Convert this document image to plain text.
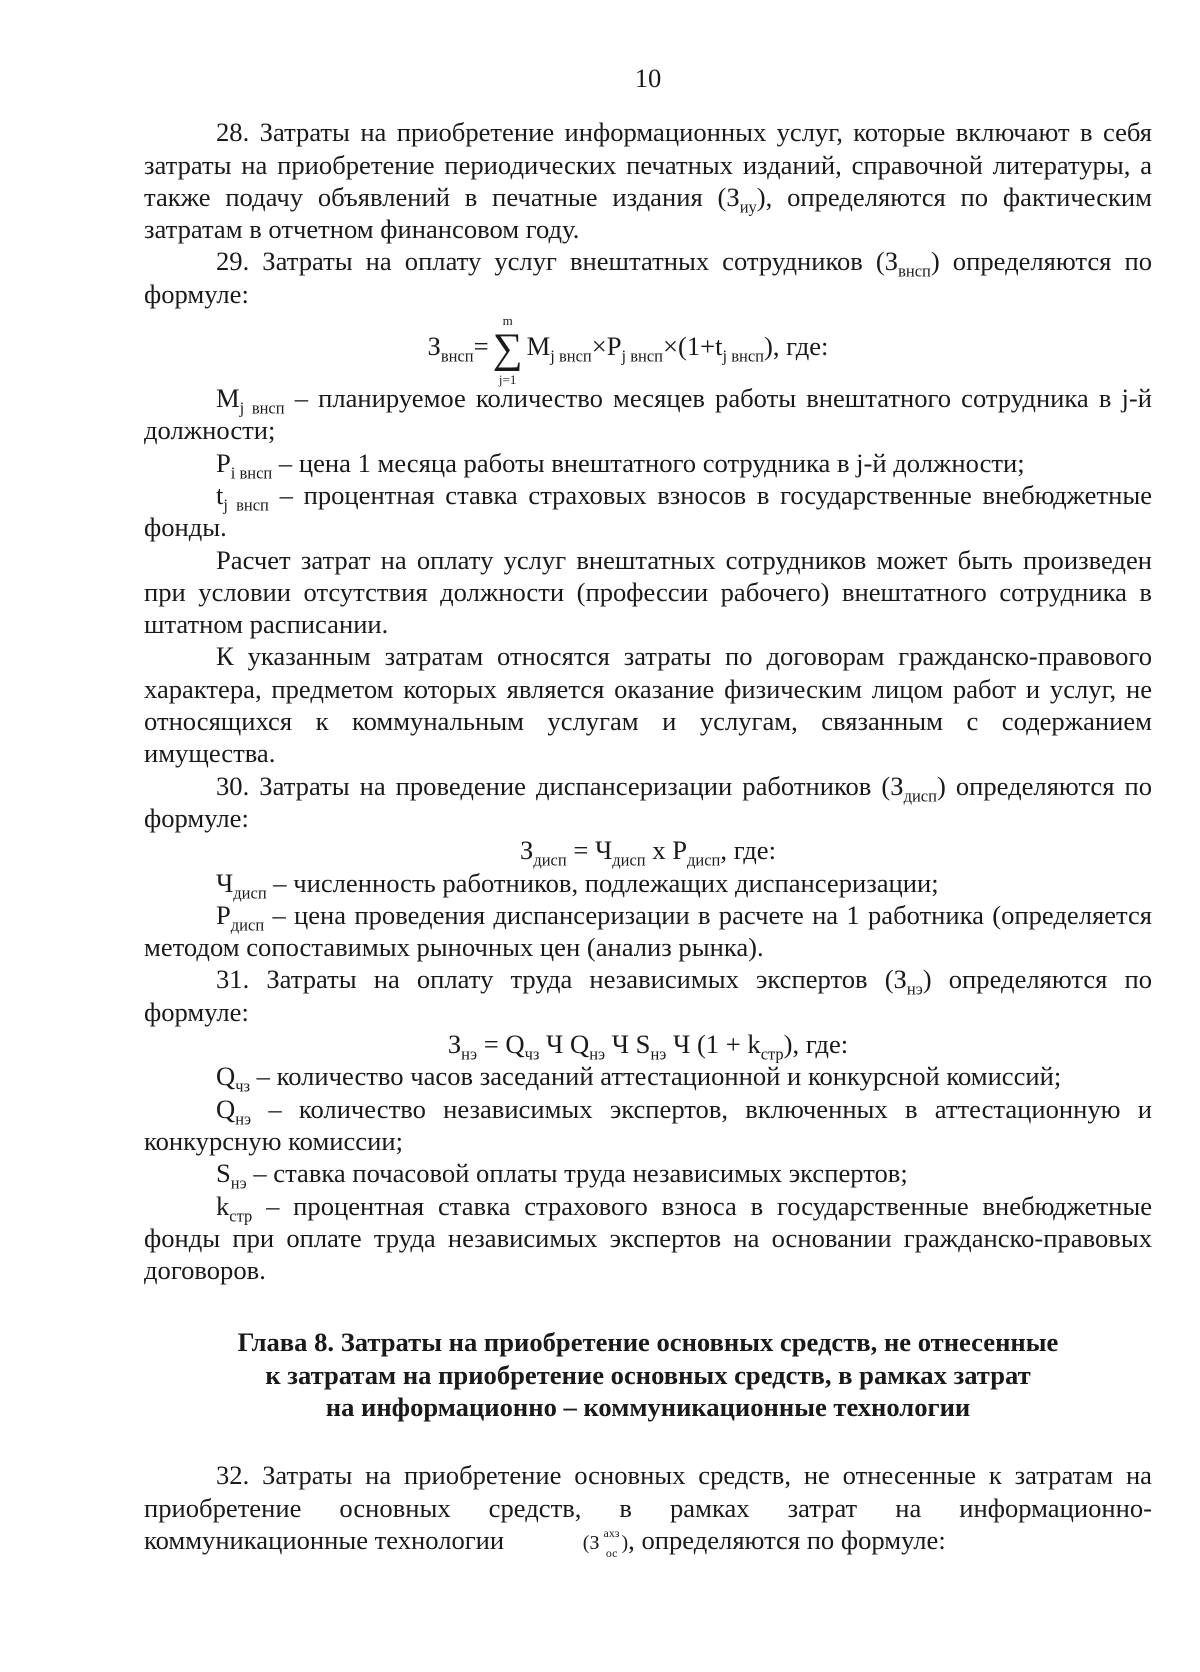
10

28. Затраты на приобретение информационных услуг, которые включают в себя затраты на приобретение периодических печатных изданий, справочной литературы, а также подачу объявлений в печатные издания $(З_{иу})$, определяются по фактическим затратам в отчетном финансовом году.

29. Затраты на оплату услуг внештатных сотрудников $(З_{внсп})$ определяются по формуле:

$З_{внсп}=$
m
∑
j=1
$M_{j внсп}\times P_{j внсп}\times(1+t_{j внсп})$, где:

$M_{j внсп}$ – планируемое количество месяцев работы внештатного сотрудника в j-й должности;

$P_{i внсп}$ – цена 1 месяца работы внештатного сотрудника в j-й должности;

$t_{j внсп}$ – процентная ставка страховых взносов в государственные внебюджетные фонды.

Расчет затрат на оплату услуг внештатных сотрудников может быть произведен при условии отсутствия должности (профессии рабочего) внештатного сотрудника в штатном расписании.

К указанным затратам относятся затраты по договорам гражданско-правового характера, предметом которых является оказание физическим лицом работ и услуг, не относящихся к коммунальным услугам и услугам, связанным с содержанием имущества.

30. Затраты на проведение диспансеризации работников $(З_{дисп})$ определяются по формуле:

$З_{дисп} = Ч_{дисп}$ х $Р_{дисп}$, где:

$Ч_{дисп}$ – численность работников, подлежащих диспансеризации;

$Р_{дисп}$ – цена проведения диспансеризации в расчете на 1 работника (определяется методом сопоставимых рыночных цен (анализ рынка).

31. Затраты на оплату труда независимых экспертов $(З_{нэ})$ определяются по формуле:

$З_{нэ} = Q_{чз}$ Ч $Q_{нэ}$ Ч $S_{нэ}$ Ч $(1 + k_{стр})$, где:

$Q_{чз}$ – количество часов заседаний аттестационной и конкурсной комиссий;

$Q_{нэ}$ – количество независимых экспертов, включенных в аттестационную и конкурсную комиссии;

$S_{нэ}$ – ставка почасовой оплаты труда независимых экспертов;

$k_{стр}$ – процентная ставка страхового взноса в государственные внебюджетные фонды при оплате труда независимых экспертов на основании гражданско-правовых договоров.

Глава 8. Затраты на приобретение основных средств, не отнесенные
к затратам на приобретение основных средств, в рамках затрат
на информационно – коммуникационные технологии

32. Затраты на приобретение основных средств, не отнесенные к затратам на приобретение основных средств, в рамках затрат на информационно-коммуникационные технологии	(З ахз
ос ), определяются по формуле:
